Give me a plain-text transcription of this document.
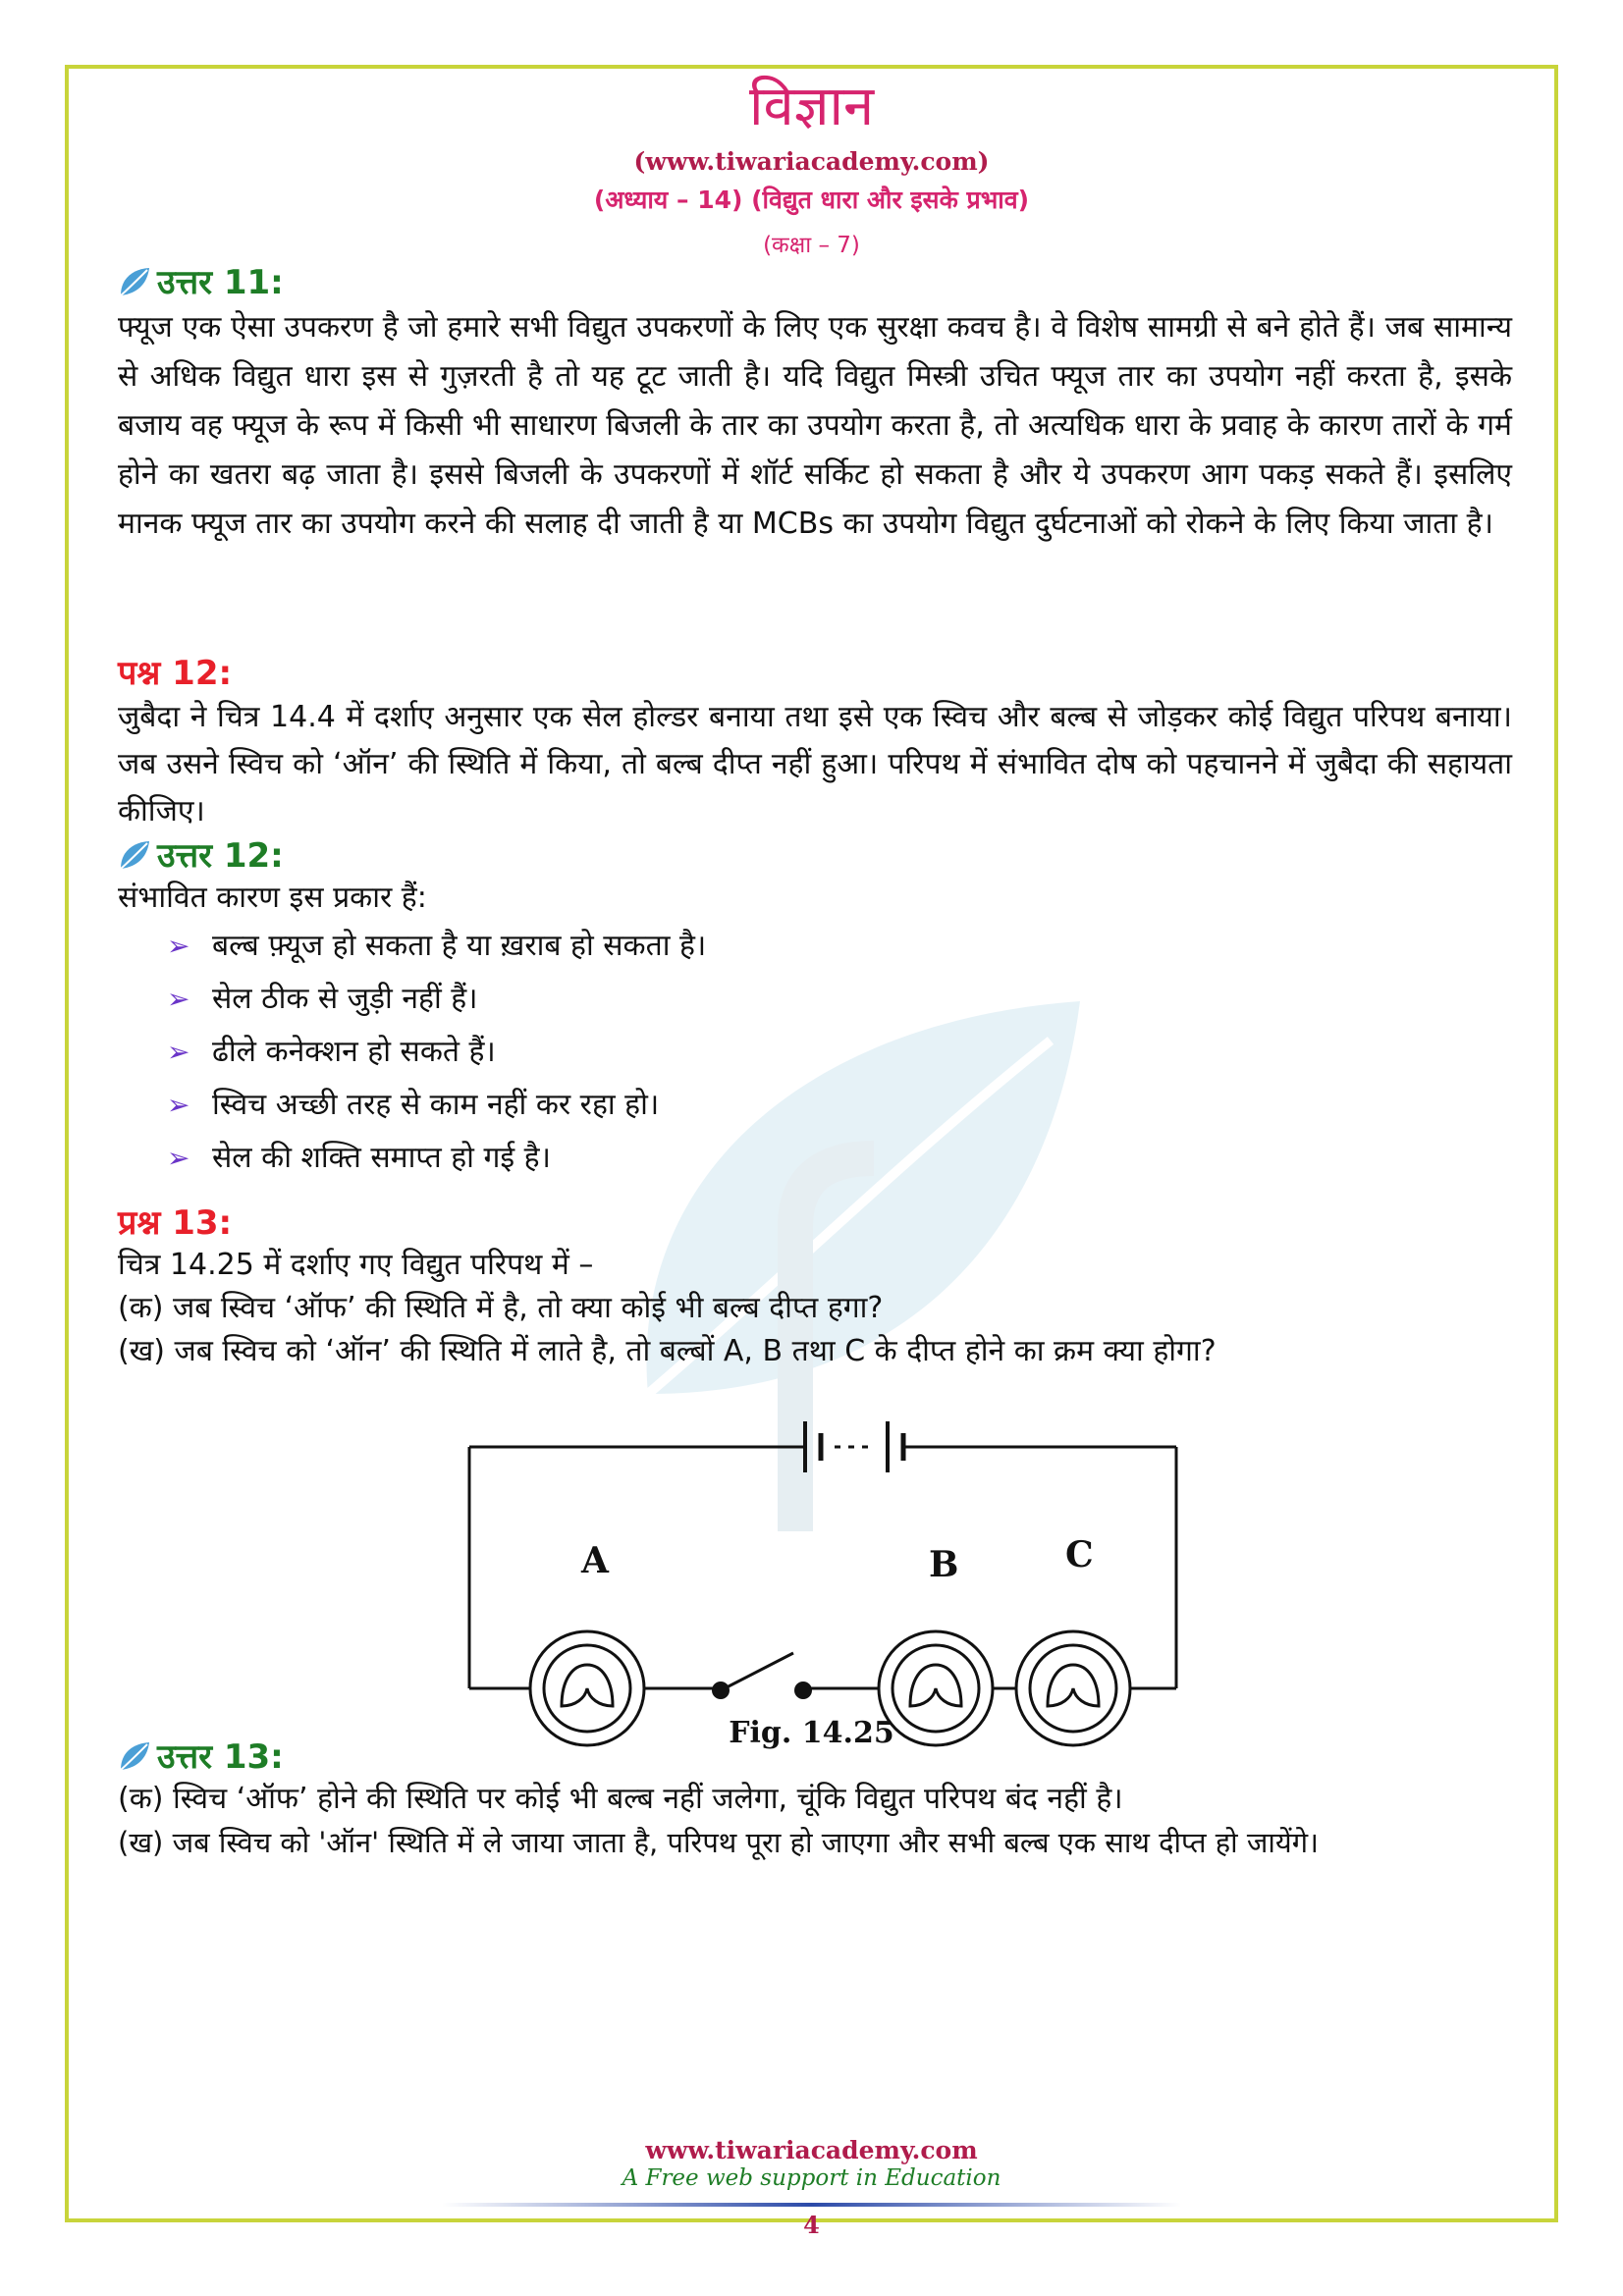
विज्ञान
(www.tiwariacademy.com)
(अध्याय – 14) (विद्युत धारा और इसके प्रभाव)
(कक्षा – 7)
उत्तर 11:
फ्यूज एक ऐसा उपकरण है जो हमारे सभी विद्युत उपकरणों के लिए एक सुरक्षा कवच है। वे विशेष सामग्री से बने होते हैं। जब सामान्य से अधिक विद्युत धारा इस से गुज़रती है तो यह टूट जाती है। यदि विद्युत मिस्त्री उचित फ्यूज तार का उपयोग नहीं करता है, इसके बजाय वह फ्यूज के रूप में किसी भी साधारण बिजली के तार का उपयोग करता है, तो अत्यधिक धारा के प्रवाह के कारण तारों के गर्म होने का खतरा बढ़ जाता है। इससे बिजली के उपकरणों में शॉर्ट सर्किट हो सकता है और ये उपकरण आग पकड़ सकते हैं। इसलिए मानक फ्यूज तार का उपयोग करने की सलाह दी जाती है या MCBs का उपयोग विद्युत दुर्घटनाओं को रोकने के लिए किया जाता है।
पश्न 12:
जुबैदा ने चित्र 14.4 में दर्शाए अनुसार एक सेल होल्डर बनाया तथा इसे एक स्विच और बल्ब से जोड़कर कोई विद्युत परिपथ बनाया। जब उसने स्विच को ‘ऑन’ की स्थिति में किया, तो बल्ब दीप्त नहीं हुआ। परिपथ में संभावित दोष को पहचानने में जुबैदा की सहायता कीजिए।
उत्तर 12:
संभावित कारण इस प्रकार हैं:
➢ बल्ब फ़्यूज हो सकता है या ख़राब हो सकता है।
➢ सेल ठीक से जुड़ी नहीं हैं।
➢ ढीले कनेक्शन हो सकते हैं।
➢ स्विच अच्छी तरह से काम नहीं कर रहा हो।
➢ सेल की शक्ति समाप्त हो गई है।
प्रश्न 13:
चित्र 14.25 में दर्शाए गए विद्युत परिपथ में –
(क) जब स्विच ‘ऑफ’ की स्थिति में है, तो क्या कोई भी बल्ब दीप्त हगा?
(ख) जब स्विच को ‘ऑन’ की स्थिति में लाते है, तो बल्बों A, B तथा C के दीप्त होने का क्रम क्या होगा?
A	B	C
Fig. 14.25
उत्तर 13:
(क) स्विच ‘ऑफ’ होने की स्थिति पर कोई भी बल्ब नहीं जलेगा, चूंकि विद्युत परिपथ बंद नहीं है।
(ख) जब स्विच को 'ऑन' स्थिति में ले जाया जाता है, परिपथ पूरा हो जाएगा और सभी बल्ब एक साथ दीप्त हो जायेंगे।
www.tiwariacademy.com
A Free web support in Education
4
